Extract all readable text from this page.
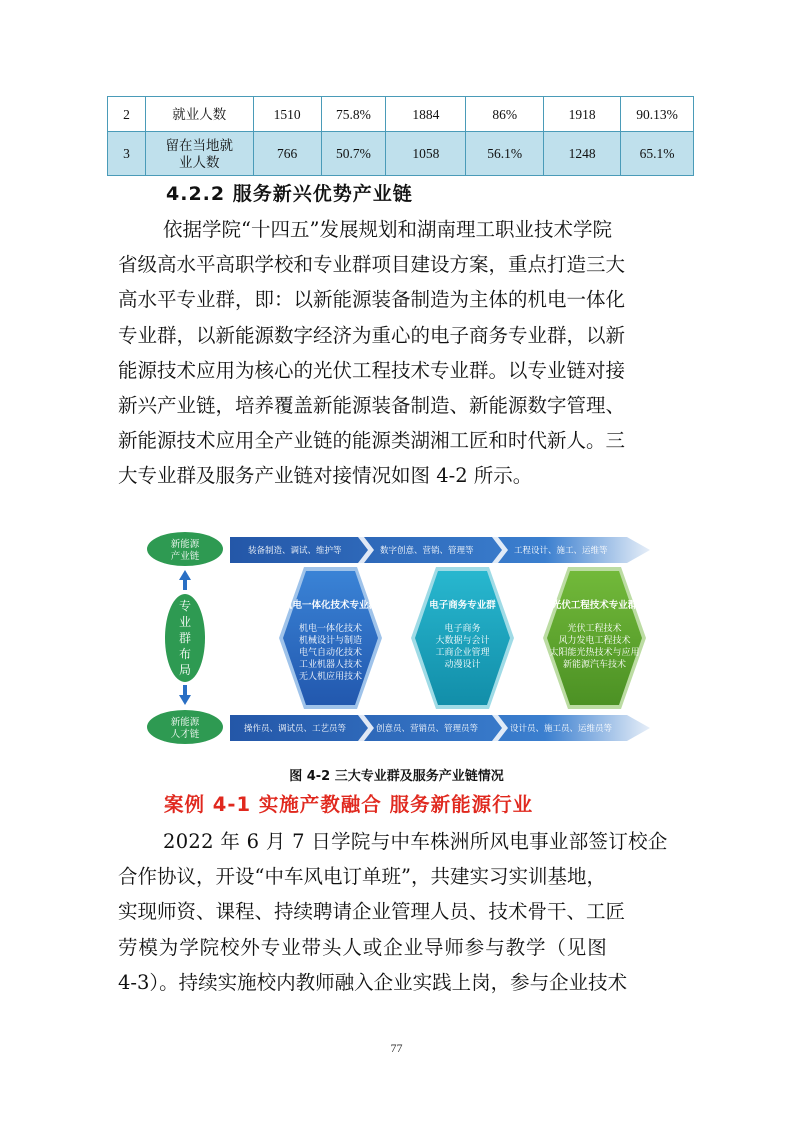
2	就业人数	1510	75.8%	1884	86%	1918	90.13%
3	留在当地就
业人数	766	50.7%	1058	56.1%	1248	65.1%
4.2.2 服务新兴优势产业链
依据学院“十四五”发展规划和湖南理工职业技术学院
省级高水平高职学校和专业群项目建设方案，重点打造三大
高水平专业群，即：以新能源装备制造为主体的机电一体化
专业群，以新能源数字经济为重心的电子商务专业群，以新
能源技术应用为核心的光伏工程技术专业群。以专业链对接
新兴产业链，培养覆盖新能源装备制造、新能源数字管理、
新能源技术应用全产业链的能源类湖湘工匠和时代新人。三
大专业群及服务产业链对接情况如图 4-2 所示。
装备制造、调试、维护等	数字创意、营销、管理等	工程设计、施工、运维等
操作员、调试员、工艺员等	创意员、营销员、管理员等	设计员、施工员、运维员等
新能源
产业链
专
业
群
布
局
新能源
人才链
机电一体化技术专业群
机电一体化技术
机械设计与制造
电气自动化技术
工业机器人技术
无人机应用技术
电子商务专业群
电子商务
大数据与会计
工商企业管理
动漫设计
光伏工程技术专业群
光伏工程技术
风力发电工程技术
太阳能光热技术与应用
新能源汽车技术
图 4-2 三大专业群及服务产业链情况
案例 4-1 实施产教融合 服务新能源行业
2022 年 6 月 7 日学院与中车株洲所风电事业部签订校企
合作协议，开设“中车风电订单班”，共建实习实训基地，
实现师资、课程、持续聘请企业管理人员、技术骨干、工匠
劳模为学院校外专业带头人或企业导师参与教学（见图
4-3）。持续实施校内教师融入企业实践上岗，参与企业技术
77
